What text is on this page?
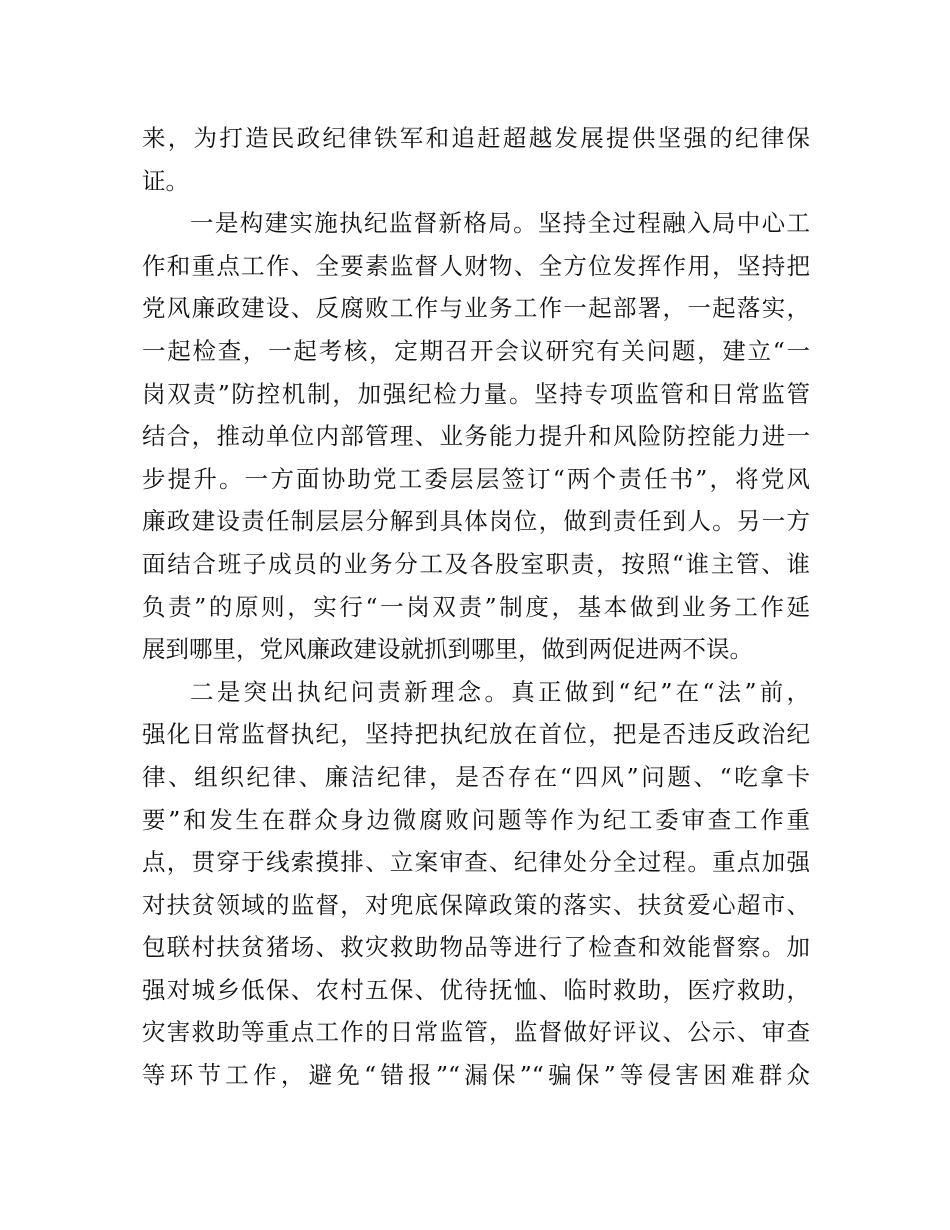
来，为打造民政纪律铁军和追赶超越发展提供坚强的纪律保
证。
一是构建实施执纪监督新格局。坚持全过程融入局中心工
作和重点工作、全要素监督人财物、全方位发挥作用，坚持把
党风廉政建设、反腐败工作与业务工作一起部署，一起落实，
一起检查，一起考核，定期召开会议研究有关问题，建立“一
岗双责”防控机制，加强纪检力量。坚持专项监管和日常监管
结合，推动单位内部管理、业务能力提升和风险防控能力进一
步提升。一方面协助党工委层层签订“两个责任书”，将党风
廉政建设责任制层层分解到具体岗位，做到责任到人。另一方
面结合班子成员的业务分工及各股室职责，按照“谁主管、谁
负责”的原则，实行“一岗双责”制度，基本做到业务工作延
展到哪里，党风廉政建设就抓到哪里，做到两促进两不误。
二是突出执纪问责新理念。真正做到“纪”在“法”前，
强化日常监督执纪，坚持把执纪放在首位，把是否违反政治纪
律、组织纪律、廉洁纪律，是否存在“四风”问题、“吃拿卡
要”和发生在群众身边微腐败问题等作为纪工委审查工作重
点，贯穿于线索摸排、立案审查、纪律处分全过程。重点加强
对扶贫领域的监督，对兜底保障政策的落实、扶贫爱心超市、
包联村扶贫猪场、救灾救助物品等进行了检查和效能督察。加
强对城乡低保、农村五保、优待抚恤、临时救助，医疗救助，
灾害救助等重点工作的日常监管，监督做好评议、公示、审查
等环节工作，避免“错报”“漏保”“骗保”等侵害困难群众
